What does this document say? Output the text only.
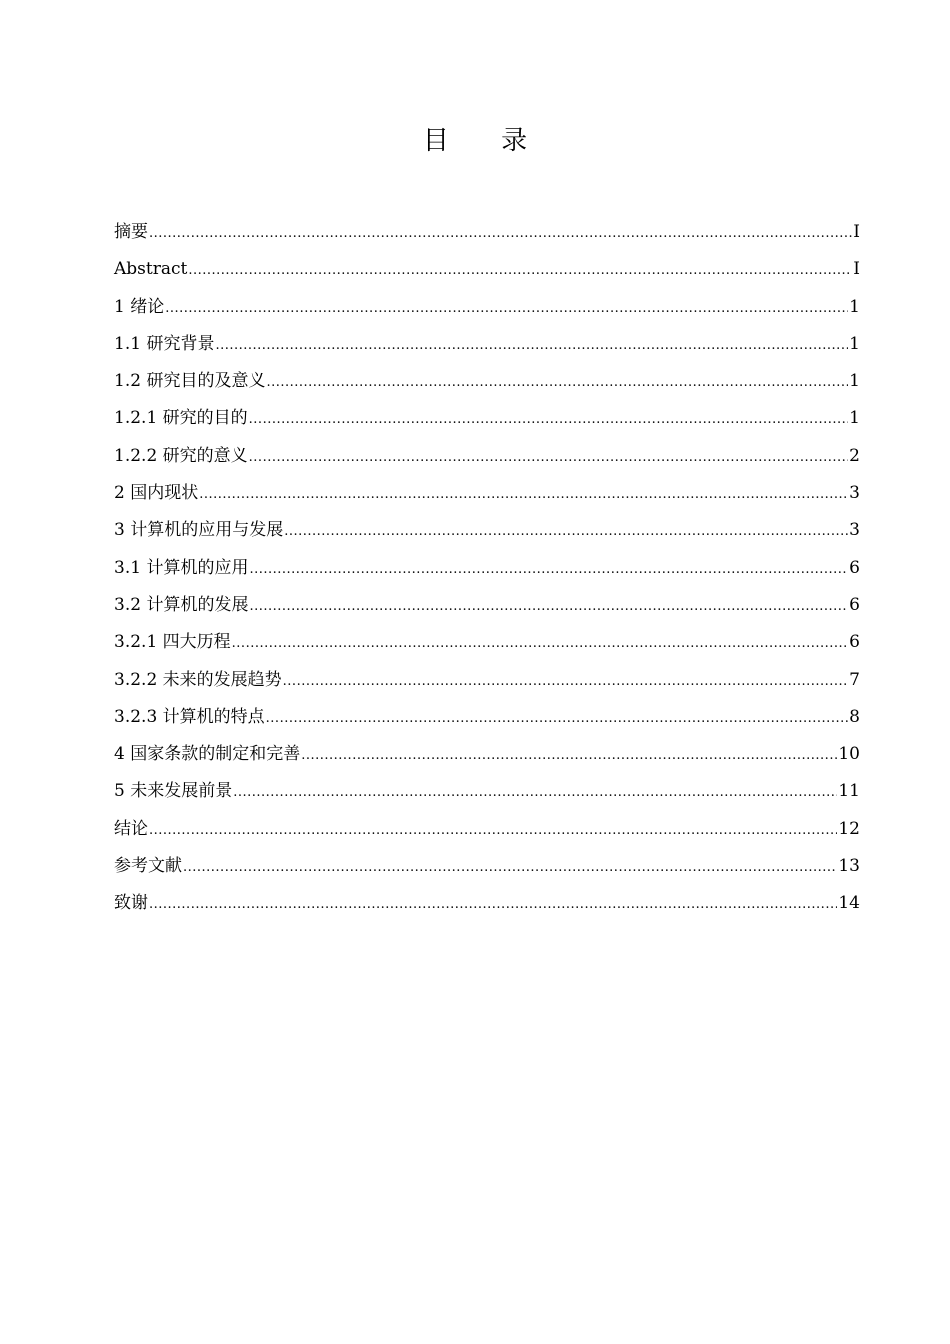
目 录
摘要 .....	I
Abstract .....	I
1 绪论 .....	1
1.1 研究背景 .....	1
1.2 研究目的及意义 .....	1
1.2.1 研究的目的 .....	1
1.2.2 研究的意义 .....	2
2 国内现状 .....	3
3 计算机的应用与发展 .....	3
3.1 计算机的应用 .....	6
3.2 计算机的发展 .....	6
3.2.1 四大历程 .....	6
3.2.2 未来的发展趋势 .....	7
3.2.3 计算机的特点 .....	8
4 国家条款的制定和完善 .....	10
5 未来发展前景 .....	11
结论 .....	12
参考文献 .....	13
致谢 .....	14
